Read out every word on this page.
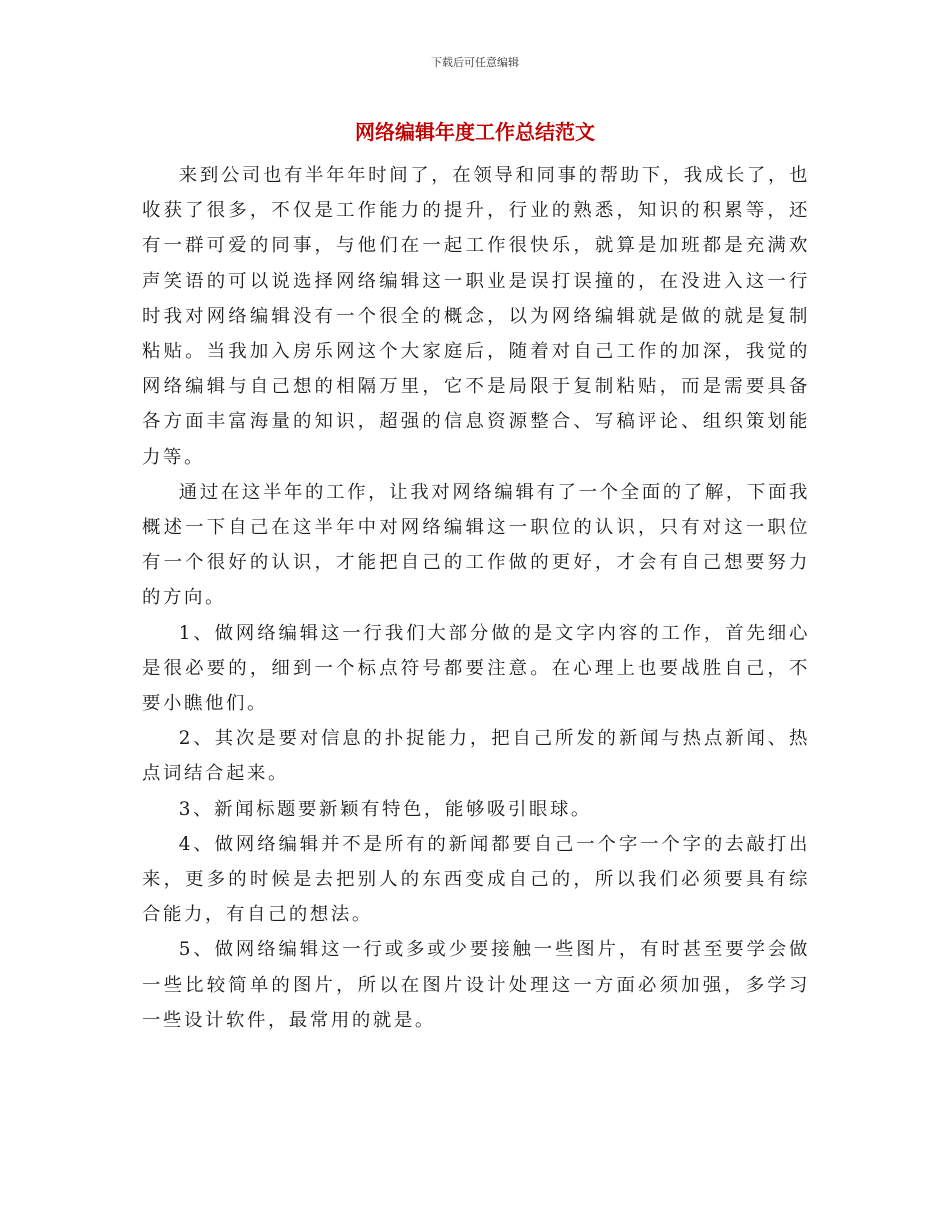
下载后可任意编辑
网络编辑年度工作总结范文

来到公司也有半年年时间了，在领导和同事的帮助下，我成长了，也收获了很多，不仅是工作能力的提升，行业的熟悉，知识的积累等，还有一群可爱的同事，与他们在一起工作很快乐，就算是加班都是充满欢声笑语的可以说选择网络编辑这一职业是误打误撞的，在没进入这一行时我对网络编辑没有一个很全的概念，以为网络编辑就是做的就是复制粘贴。当我加入房乐网这个大家庭后，随着对自己工作的加深，我觉的网络编辑与自己想的相隔万里，它不是局限于复制粘贴，而是需要具备各方面丰富海量的知识，超强的信息资源整合、写稿评论、组织策划能力等。

通过在这半年的工作，让我对网络编辑有了一个全面的了解，下面我概述一下自己在这半年中对网络编辑这一职位的认识，只有对这一职位有一个很好的认识，才能把自己的工作做的更好，才会有自己想要努力的方向。

1、做网络编辑这一行我们大部分做的是文字内容的工作，首先细心是很必要的，细到一个标点符号都要注意。在心理上也要战胜自己，不要小瞧他们。

2、其次是要对信息的扑捉能力，把自己所发的新闻与热点新闻、热点词结合起来。

3、新闻标题要新颖有特色，能够吸引眼球。

4、做网络编辑并不是所有的新闻都要自己一个字一个字的去敲打出来，更多的时候是去把别人的东西变成自己的，所以我们必须要具有综合能力，有自己的想法。

5、做网络编辑这一行或多或少要接触一些图片，有时甚至要学会做一些比较简单的图片，所以在图片设计处理这一方面必须加强，多学习一些设计软件，最常用的就是。
